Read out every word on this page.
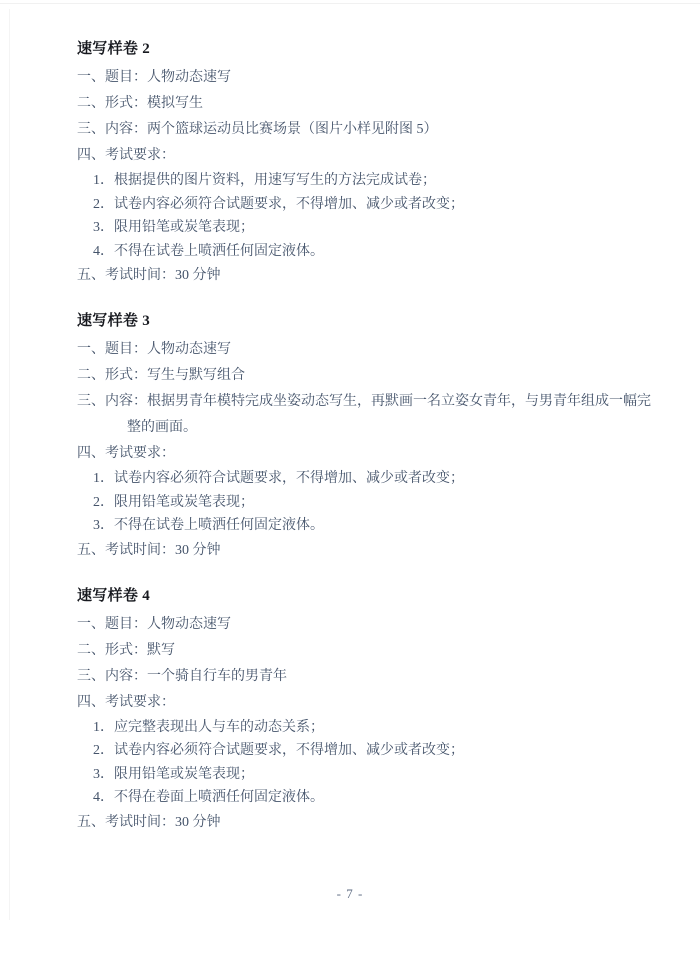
速写样卷 2

一、题目：人物动态速写

二、形式：模拟写生

三、内容：两个篮球运动员比赛场景（图片小样见附图 5）

四、考试要求：

1．根据提供的图片资料，用速写写生的方法完成试卷；

2．试卷内容必须符合试题要求，不得增加、减少或者改变；

3．限用铅笔或炭笔表现；

4．不得在试卷上喷洒任何固定液体。

五、考试时间：30 分钟

速写样卷 3

一、题目：人物动态速写

二、形式：写生与默写组合

三、内容：根据男青年模特完成坐姿动态写生，再默画一名立姿女青年，与男青年组成一幅完整的画面。

四、考试要求：

1．试卷内容必须符合试题要求，不得增加、减少或者改变；

2．限用铅笔或炭笔表现；

3．不得在试卷上喷洒任何固定液体。

五、考试时间：30 分钟

速写样卷 4

一、题目：人物动态速写

二、形式：默写

三、内容：一个骑自行车的男青年

四、考试要求：

1．应完整表现出人与车的动态关系；

2．试卷内容必须符合试题要求，不得增加、减少或者改变；

3．限用铅笔或炭笔表现；

4．不得在卷面上喷洒任何固定液体。

五、考试时间：30 分钟

- 7 -
